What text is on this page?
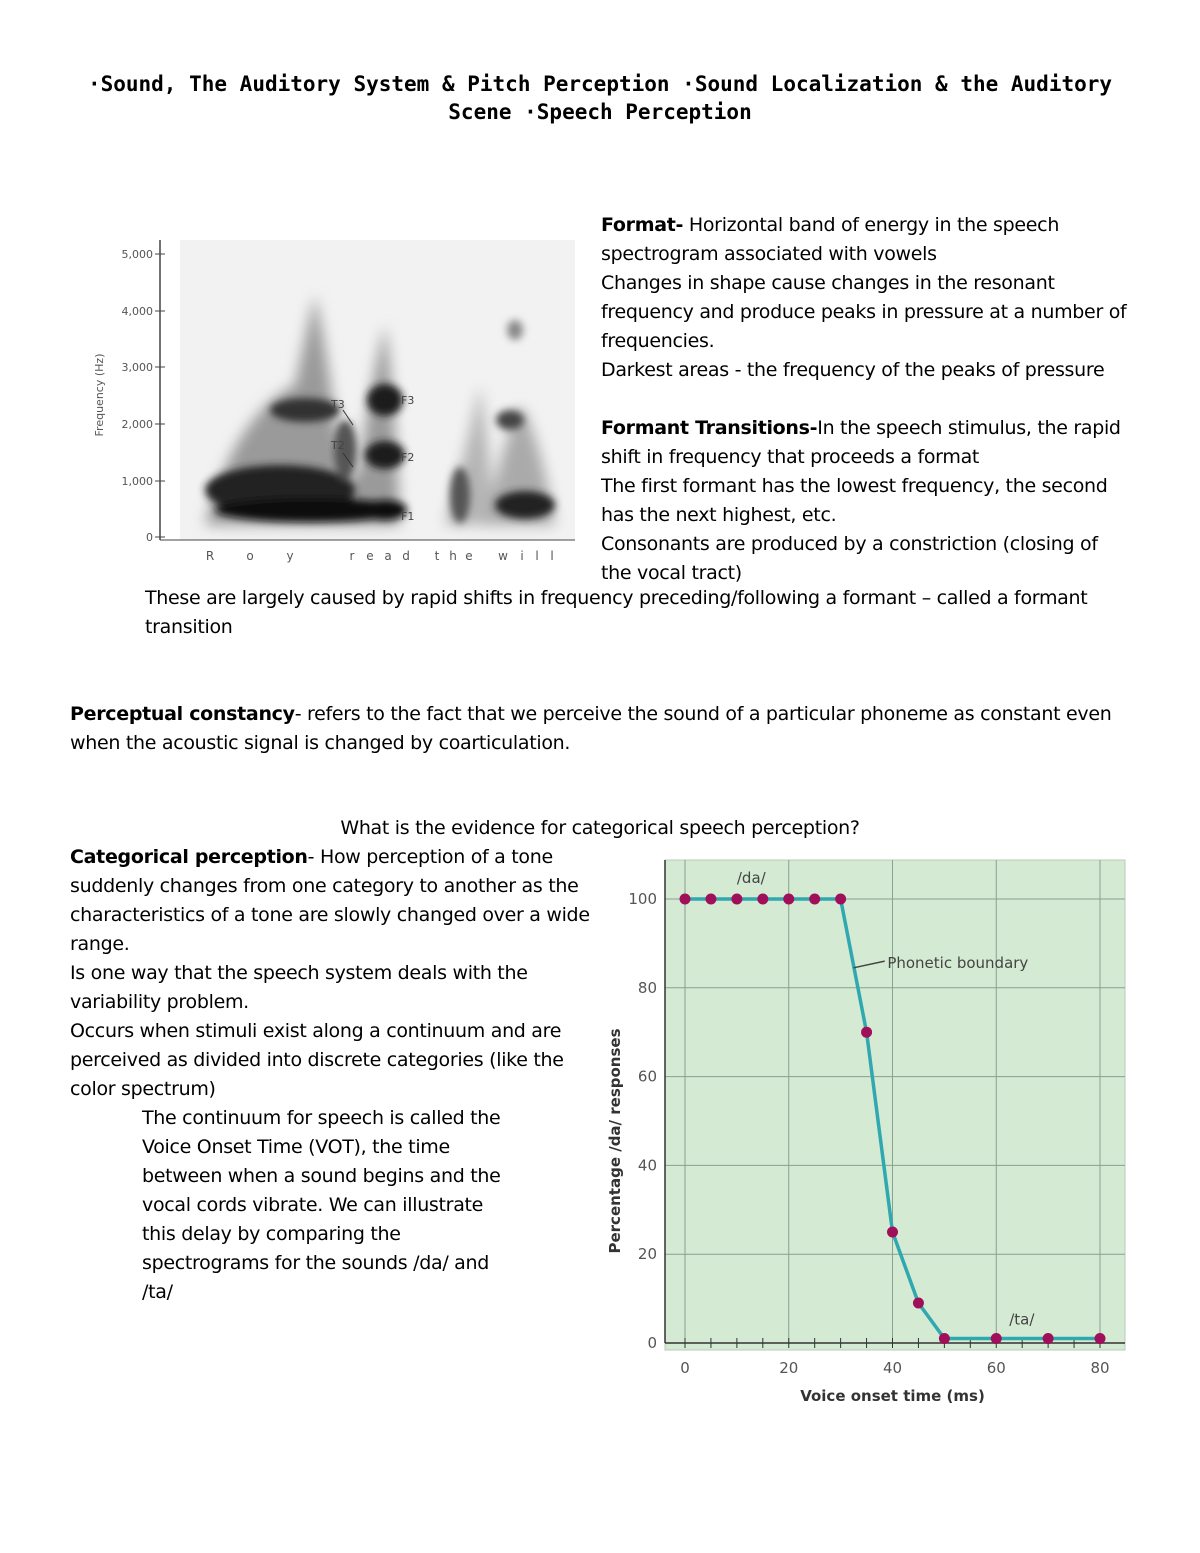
·Sound, The Auditory System & Pitch Perception ·Sound Localization & the Auditory Scene ·Speech Perception
5,000
4,000
3,000
2,000
1,000
0
Frequency (Hz)	T3
T2
F3
F2
F1
R	o	y	r e a d t h e w i l l

Format- Horizontal band of energy in the speech spectrogram associated with vowels

Changes in shape cause changes in the resonant frequency and produce peaks in pressure at a number of frequencies.

Darkest areas - the frequency of the peaks of pressure

Formant Transitions-In the speech stimulus, the rapid shift in frequency that proceeds a format

The first formant has the lowest frequency, the second has the next highest, etc.

Consonants are produced by a constriction (closing of the vocal tract)

These are largely caused by rapid shifts in frequency preceding/following a formant – called a formant transition

Perceptual constancy- refers to the fact that we perceive the sound of a particular phoneme as constant even when the acoustic signal is changed by coarticulation.

What is the evidence for categorical speech perception?

Categorical perception- How perception of a tone suddenly changes from one category to another as the characteristics of a tone are slowly changed over a wide range.

Is one way that the speech system deals with the variability problem.

Occurs when stimuli exist along a continuum and are perceived as divided into discrete categories (like the color spectrum)

The continuum for speech is called the Voice Onset Time (VOT), the time between when a sound begins and the vocal cords vibrate. We can illustrate this delay by comparing the spectrograms for the sounds /da/ and /ta/

0	20	40	60	80
0
20
40
60
80
100
Voice onset time (ms)
Percentage /da/ responses
/da/
/ta/
Phonetic boundary
